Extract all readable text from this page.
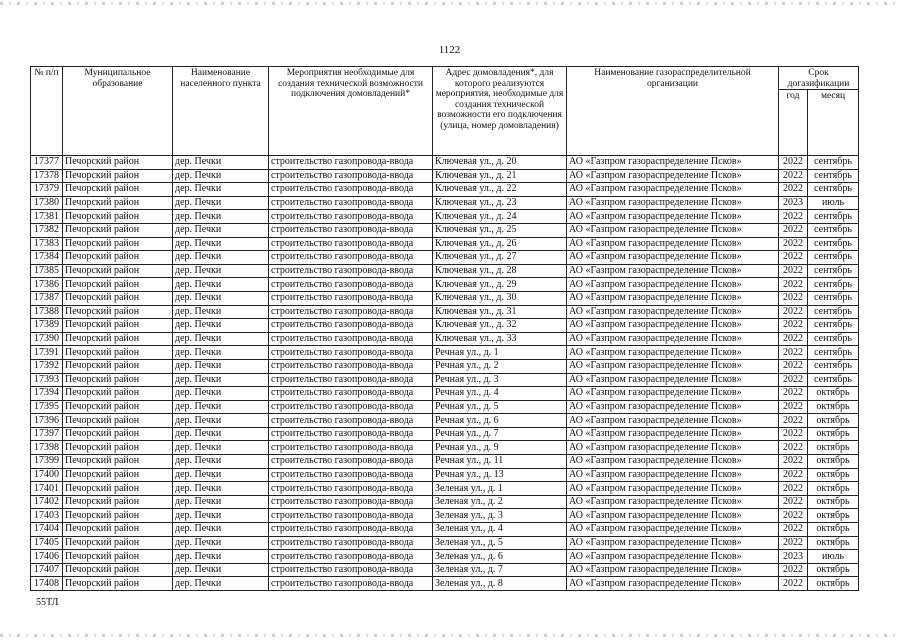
1122
№ п/п	Муниципальное образование	Наименование населенного пункта	Мероприятия необходимые для создания технической возможности подключения домовладений*	Адрес домовладения*, для которого реализуются мероприятия, необходимые для создания технической возможности его подключения (улица, номер домовладения)	Наименование газораспределительной организации	Срок догазификации	
						год	месяц
17377	Печорский район	дер. Печки	строительство газопровода-ввода	Ключевая ул., д. 20	АО «Газпром газораспределение Псков»	2022	сентябрь
17378	Печорский район	дер. Печки	строительство газопровода-ввода	Ключевая ул., д. 21	АО «Газпром газораспределение Псков»	2022	сентябрь
17379	Печорский район	дер. Печки	строительство газопровода-ввода	Ключевая ул., д. 22	АО «Газпром газораспределение Псков»	2022	сентябрь
17380	Печорский район	дер. Печки	строительство газопровода-ввода	Ключевая ул., д. 23	АО «Газпром газораспределение Псков»	2023	июль
17381	Печорский район	дер. Печки	строительство газопровода-ввода	Ключевая ул., д. 24	АО «Газпром газораспределение Псков»	2022	сентябрь
17382	Печорский район	дер. Печки	строительство газопровода-ввода	Ключевая ул., д. 25	АО «Газпром газораспределение Псков»	2022	сентябрь
17383	Печорский район	дер. Печки	строительство газопровода-ввода	Ключевая ул., д. 26	АО «Газпром газораспределение Псков»	2022	сентябрь
17384	Печорский район	дер. Печки	строительство газопровода-ввода	Ключевая ул., д. 27	АО «Газпром газораспределение Псков»	2022	сентябрь
17385	Печорский район	дер. Печки	строительство газопровода-ввода	Ключевая ул., д. 28	АО «Газпром газораспределение Псков»	2022	сентябрь
17386	Печорский район	дер. Печки	строительство газопровода-ввода	Ключевая ул., д. 29	АО «Газпром газораспределение Псков»	2022	сентябрь
17387	Печорский район	дер. Печки	строительство газопровода-ввода	Ключевая ул., д. 30	АО «Газпром газораспределение Псков»	2022	сентябрь
17388	Печорский район	дер. Печки	строительство газопровода-ввода	Ключевая ул., д. 31	АО «Газпром газораспределение Псков»	2022	сентябрь
17389	Печорский район	дер. Печки	строительство газопровода-ввода	Ключевая ул., д. 32	АО «Газпром газораспределение Псков»	2022	сентябрь
17390	Печорский район	дер. Печки	строительство газопровода-ввода	Ключевая ул., д. 33	АО «Газпром газораспределение Псков»	2022	сентябрь
17391	Печорский район	дер. Печки	строительство газопровода-ввода	Речная ул., д. 1	АО «Газпром газораспределение Псков»	2022	сентябрь
17392	Печорский район	дер. Печки	строительство газопровода-ввода	Речная ул., д. 2	АО «Газпром газораспределение Псков»	2022	сентябрь
17393	Печорский район	дер. Печки	строительство газопровода-ввода	Речная ул., д. 3	АО «Газпром газораспределение Псков»	2022	сентябрь
17394	Печорский район	дер. Печки	строительство газопровода-ввода	Речная ул., д. 4	АО «Газпром газораспределение Псков»	2022	октябрь
17395	Печорский район	дер. Печки	строительство газопровода-ввода	Речная ул., д. 5	АО «Газпром газораспределение Псков»	2022	октябрь
17396	Печорский район	дер. Печки	строительство газопровода-ввода	Речная ул., д. 6	АО «Газпром газораспределение Псков»	2022	октябрь
17397	Печорский район	дер. Печки	строительство газопровода-ввода	Речная ул., д. 7	АО «Газпром газораспределение Псков»	2022	октябрь
17398	Печорский район	дер. Печки	строительство газопровода-ввода	Речная ул., д. 9	АО «Газпром газораспределение Псков»	2022	октябрь
17399	Печорский район	дер. Печки	строительство газопровода-ввода	Речная ул., д. 11	АО «Газпром газораспределение Псков»	2022	октябрь
17400	Печорский район	дер. Печки	строительство газопровода-ввода	Речная ул., д. 13	АО «Газпром газораспределение Псков»	2022	октябрь
17401	Печорский район	дер. Печки	строительство газопровода-ввода	Зеленая ул., д. 1	АО «Газпром газораспределение Псков»	2022	октябрь
17402	Печорский район	дер. Печки	строительство газопровода-ввода	Зеленая ул., д. 2	АО «Газпром газораспределение Псков»	2022	октябрь
17403	Печорский район	дер. Печки	строительство газопровода-ввода	Зеленая ул., д. 3	АО «Газпром газораспределение Псков»	2022	октябрь
17404	Печорский район	дер. Печки	строительство газопровода-ввода	Зеленая ул., д. 4	АО «Газпром газораспределение Псков»	2022	октябрь
17405	Печорский район	дер. Печки	строительство газопровода-ввода	Зеленая ул., д. 5	АО «Газпром газораспределение Псков»	2022	октябрь
17406	Печорский район	дер. Печки	строительство газопровода-ввода	Зеленая ул., д. 6	АО «Газпром газораспределение Псков»	2023	июль
17407	Печорский район	дер. Печки	строительство газопровода-ввода	Зеленая ул., д. 7	АО «Газпром газораспределение Псков»	2022	октябрь
17408	Печорский район	дер. Печки	строительство газопровода-ввода	Зеленая ул., д. 8	АО «Газпром газораспределение Псков»	2022	октябрь
55ТЛ
